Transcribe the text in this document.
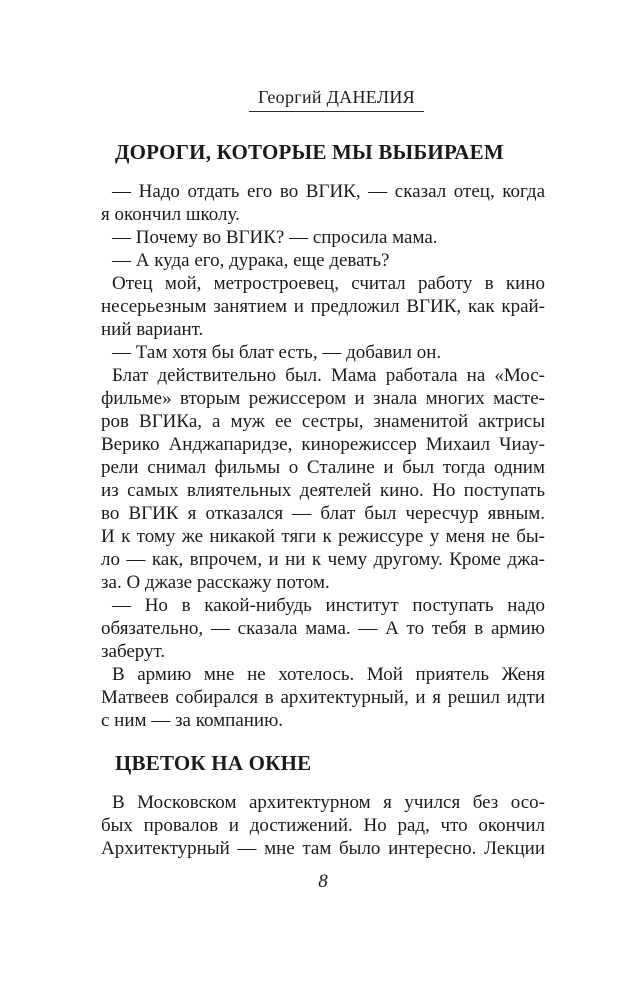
Георгий ДАНЕЛИЯ
ДОРОГИ, КОТОРЫЕ МЫ ВЫБИРАЕМ

— Надо отдать его во ВГИК, — сказал отец, когда
я окончил школу.

— Почему во ВГИК? — спросила мама.

— А куда его, дурака, еще девать?

Отец мой, метростроевец, считал работу в кино
несерьезным занятием и предложил ВГИК, как край-
ний вариант.

— Там хотя бы блат есть, — добавил он.

Блат действительно был. Мама работала на «Мос-
фильме» вторым режиссером и знала многих масте-
ров ВГИКа, а муж ее сестры, знаменитой актрисы
Верико Анджапаридзе, кинорежиссер Михаил Чиау-
рели снимал фильмы о Сталине и был тогда одним
из самых влиятельных деятелей кино. Но поступать
во ВГИК я отказался — блат был чересчур явным.
И к тому же никакой тяги к режиссуре у меня не бы-
ло — как, впрочем, и ни к чему другому. Кроме джа-
за. О джазе расскажу потом.

— Но в какой-нибудь институт поступать надо
обязательно, — сказала мама. — А то тебя в армию
заберут.

В армию мне не хотелось. Мой приятель Женя
Матвеев собирался в архитектурный, и я решил идти
с ним — за компанию.

ЦВЕТОК НА ОКНЕ

В Московском архитектурном я учился без осо-
бых провалов и достижений. Но рад, что окончил
Архитектурный — мне там было интересно. Лекции

8
